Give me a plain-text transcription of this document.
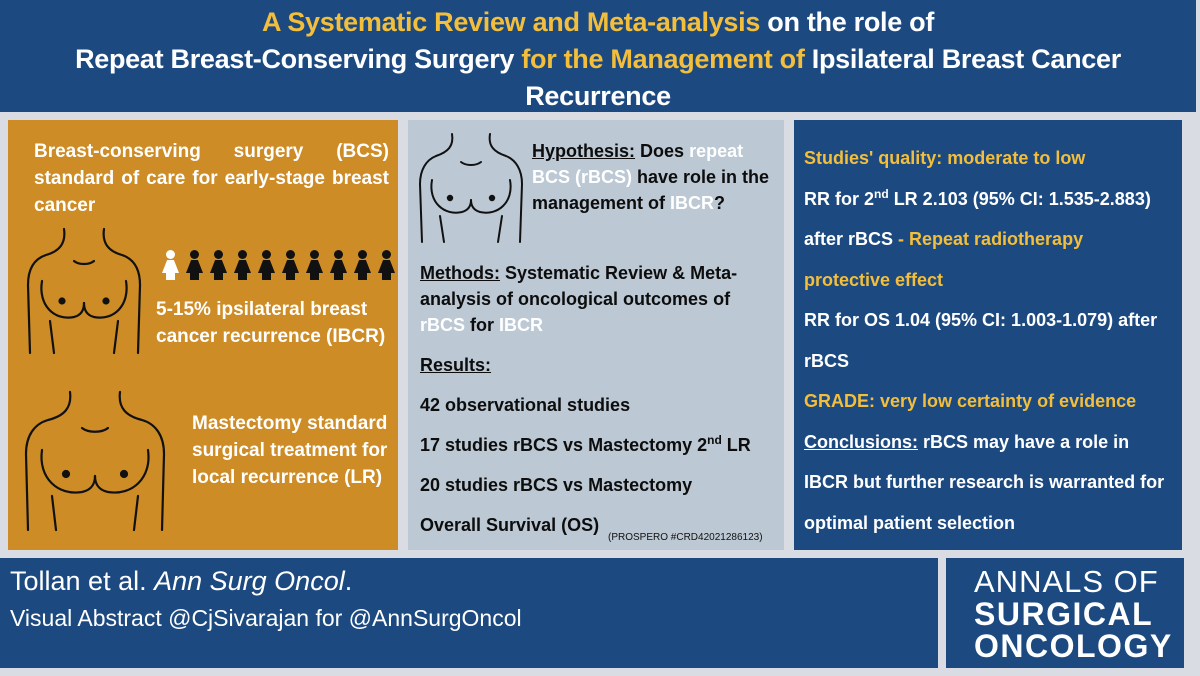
A Systematic Review and Meta-analysis on the role of
Repeat Breast-Conserving Surgery for the Management of Ipsilateral Breast Cancer Recurrence
Breast-conserving surgery (BCS) standard of care for early-stage breast cancer
5-15% ipsilateral breast cancer recurrence (IBCR)
Mastectomy standard surgical treatment for local recurrence (LR)
Hypothesis: Does repeat BCS (rBCS) have role in the management of IBCR?
Methods: Systematic Review & Meta-analysis of oncological outcomes of rBCS for IBCR
Results:
42 observational studies
17 studies rBCS vs Mastectomy 2nd LR
20 studies rBCS vs Mastectomy
Overall Survival (OS)
(PROSPERO #CRD42021286123)
Studies' quality: moderate to low
RR for 2nd LR 2.103 (95% CI: 1.535-2.883) after rBCS - Repeat radiotherapy protective effect
RR for OS 1.04 (95% CI: 1.003-1.079) after rBCS
GRADE: very low certainty of evidence
Conclusions: rBCS may have a role in IBCR but further research is warranted for optimal patient selection
Tollan et al. Ann Surg Oncol.
Visual Abstract @CjSivarajan for @AnnSurgOncol
ANNALS OF
SURGICAL
ONCOLOGY
